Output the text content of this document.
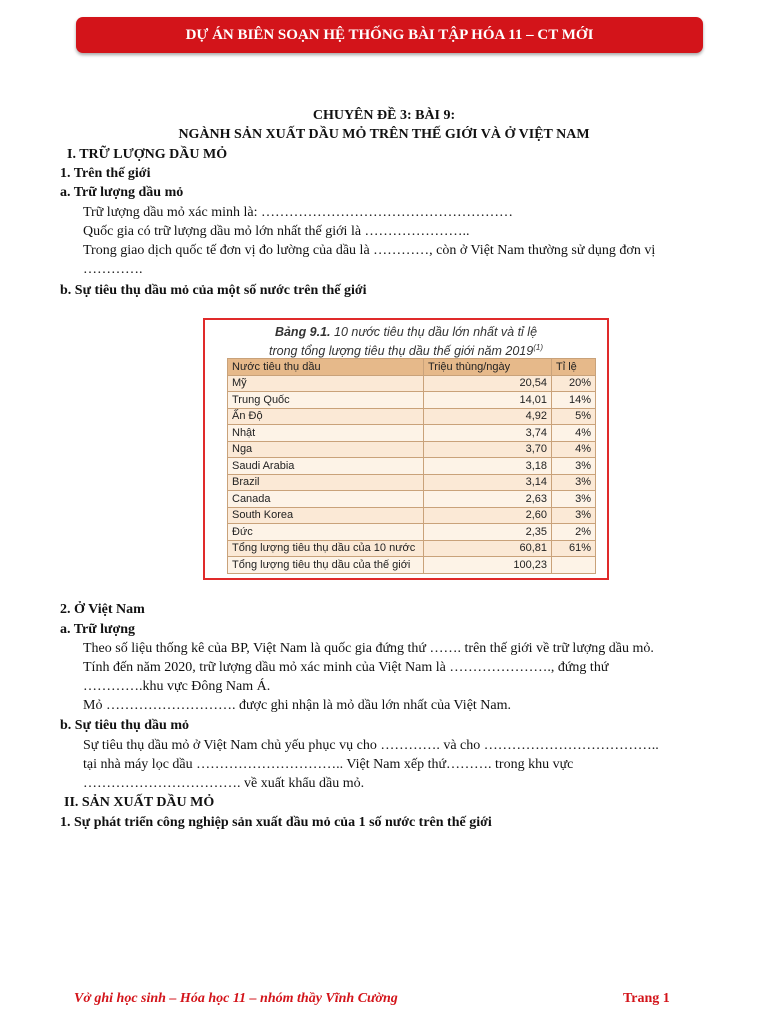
DỰ ÁN BIÊN SOẠN HỆ THỐNG BÀI TẬP HÓA 11 – CT MỚI
CHUYÊN ĐỀ 3: BÀI 9:
NGÀNH SẢN XUẤT DẦU MỎ TRÊN THẾ GIỚI VÀ Ở VIỆT NAM
I. TRỮ LƯỢNG DẦU MỎ
1. Trên thế giới
a. Trữ lượng dầu mỏ
Trữ lượng dầu mỏ xác minh là: ………………………………………………
Quốc gia có trữ lượng dầu mỏ lớn nhất thế giới là …………………..
Trong giao dịch quốc tế đơn vị đo lường của dầu là …………, còn ở Việt Nam thường sử dụng đơn vị
………….
b. Sự tiêu thụ dầu mỏ của một số nước trên thế giới
Bảng 9.1. 10 nước tiêu thụ dầu lớn nhất và tỉ lệ
trong tổng lượng tiêu thụ dầu thế giới năm 2019$^{(1)}$
Nước tiêu thụ dầu	Triệu thùng/ngày	Tỉ lệ
Mỹ	20,54	20%
Trung Quốc	14,01	14%
Ấn Độ	4,92	5%
Nhật	3,74	4%
Nga	3,70	4%
Saudi Arabia	3,18	3%
Brazil	3,14	3%
Canada	2,63	3%
South Korea	2,60	3%
Đức	2,35	2%
Tổng lượng tiêu thụ dầu của 10 nước	60,81	61%
Tổng lượng tiêu thụ dầu của thế giới	100,23	
2. Ở Việt Nam
a. Trữ lượng
Theo số liệu thống kê của BP, Việt Nam là quốc gia đứng thứ ……. trên thế giới về trữ lượng dầu mỏ.
Tính đến năm 2020, trữ lượng dầu mỏ xác minh của Việt Nam là …………………., đứng thứ
………….khu vực Đông Nam Á.
Mỏ ………………………. được ghi nhận là mỏ dầu lớn nhất của Việt Nam.
b. Sự tiêu thụ dầu mỏ
Sự tiêu thụ dầu mỏ ở Việt Nam chủ yếu phục vụ cho …………. và cho ………………………………..
tại nhà máy lọc dầu ………………………….. Việt Nam xếp thứ………. trong khu vực
……………………………. về xuất khẩu dầu mỏ.
II. SẢN XUẤT DẦU MỎ
1. Sự phát triển công nghiệp sản xuất dầu mỏ của 1 số nước trên thế giới
Vở ghi học sinh – Hóa học 11 – nhóm thầy Vĩnh Cường	Trang 1
